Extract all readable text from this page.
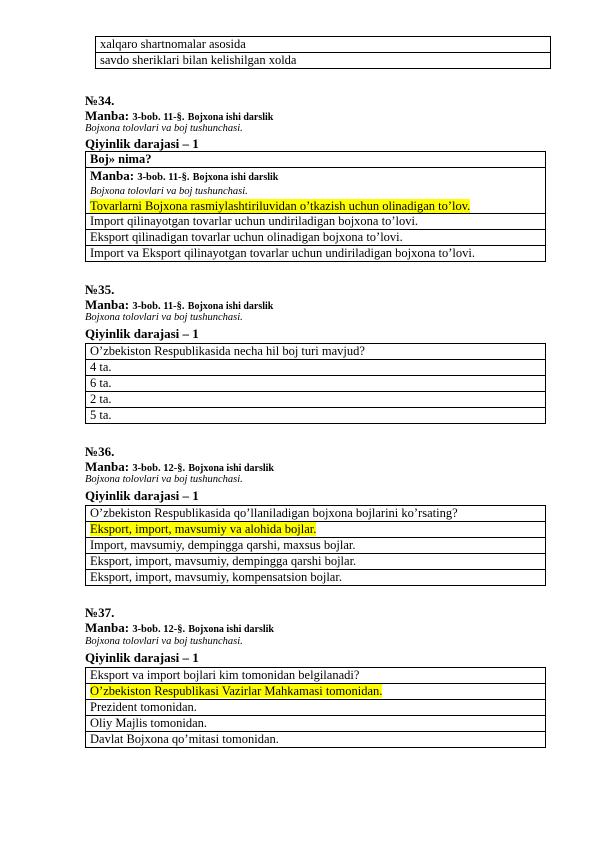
xalqaro shartnomalar asosida
savdo sheriklari bilan kelishilgan xolda
№34.
Manba: 3-bob. 11-§. Bojxona ishi darslik
Bojxona tolovlari va boj tushunchasi.
Qiyinlik darajasi – 1
Boj» nima?

Manba: 3-bob. 11-§. Bojxona ishi darslik
Bojxona tolovlari va boj tushunchasi.
Tovarlarni Bojxona rasmiylashtiriluvidan o’tkazish uchun olinadigan to’lov.

Import qilinayotgan tovarlar uchun undiriladigan bojxona to’lovi.
Eksport qilinadigan tovarlar uchun olinadigan bojxona to’lovi.
Import va Eksport qilinayotgan tovarlar uchun undiriladigan bojxona to’lovi.
№35.
Manba: 3-bob. 11-§. Bojxona ishi darslik
Bojxona tolovlari va boj tushunchasi.
Qiyinlik darajasi – 1
O’zbekiston Respublikasida necha hil boj turi mavjud?
4 ta.
6 ta.
2 ta.
5 ta.
№36.
Manba: 3-bob. 12-§. Bojxona ishi darslik
Bojxona tolovlari va boj tushunchasi.
Qiyinlik darajasi – 1
O’zbekiston Respublikasida qo’llaniladigan bojxona bojlarini ko’rsating?
Eksport, import, mavsumiy va alohida bojlar.
Import, mavsumiy, dempingga qarshi, maxsus bojlar.
Eksport, import, mavsumiy, dempingga qarshi bojlar.
Eksport, import, mavsumiy, kompensatsion bojlar.
№37.
Manba: 3-bob. 12-§. Bojxona ishi darslik
Bojxona tolovlari va boj tushunchasi.
Qiyinlik darajasi – 1
Eksport va import bojlari kim tomonidan belgilanadi?
O’zbekiston Respublikasi Vazirlar Mahkamasi tomonidan.
Prezident tomonidan.
Oliy Majlis tomonidan.
Davlat Bojxona qo’mitasi tomonidan.
